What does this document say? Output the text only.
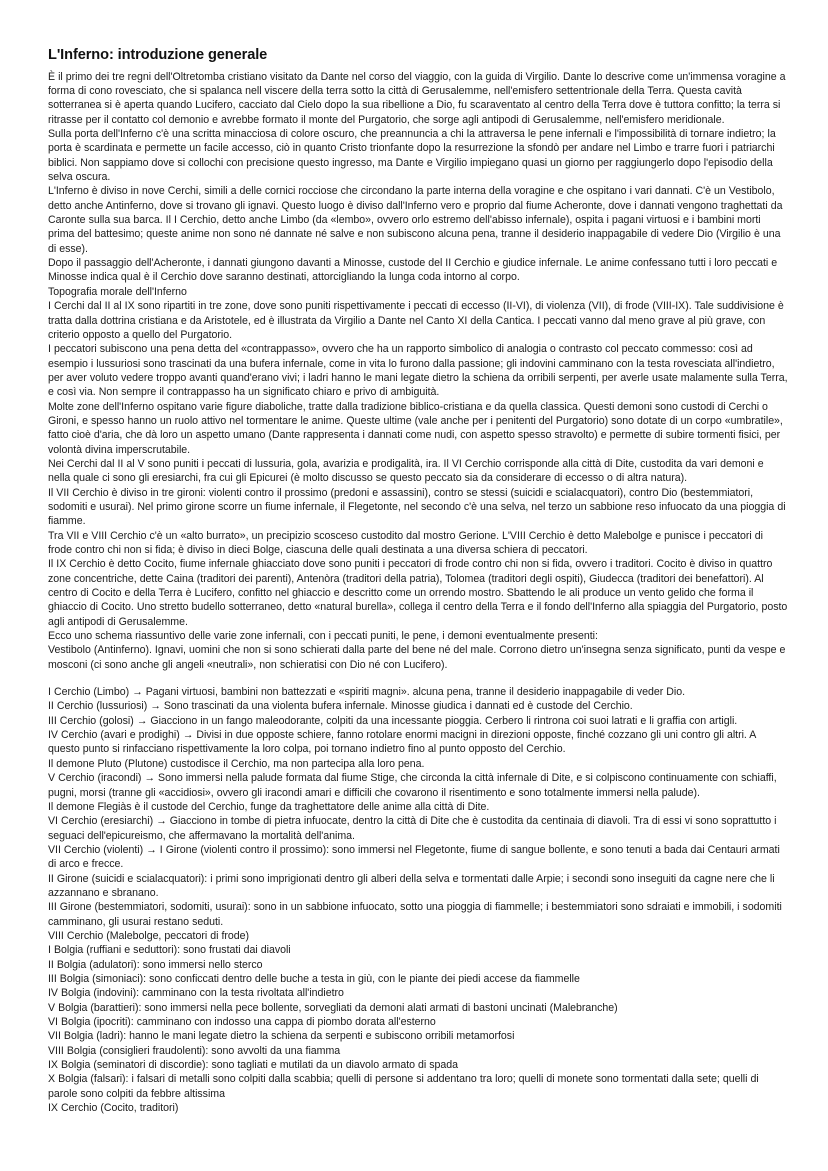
L'Inferno: introduzione generale

È il primo dei tre regni dell'Oltretomba cristiano visitato da Dante nel corso del viaggio, con la guida di Virgilio. Dante lo descrive come un'immensa voragine a forma di cono rovesciato, che si spalanca nell viscere della terra sotto la città di Gerusalemme, nell'emisfero settentrionale della Terra. Questa cavità sotterranea si è aperta quando Lucifero, cacciato dal Cielo dopo la sua ribellione a Dio, fu scaraventato al centro della Terra dove è tuttora confitto; la terra si ritrasse per il contatto col demonio e avrebbe formato il monte del Purgatorio, che sorge agli antipodi di Gerusalemme, nell'emisfero meridionale.

Sulla porta dell'Inferno c'è una scritta minacciosa di colore oscuro, che preannuncia a chi la attraversa le pene infernali e l'impossibilità di tornare indietro; la porta è scardinata e permette un facile accesso, ciò in quanto Cristo trionfante dopo la resurrezione la sfondò per andare nel Limbo e trarre fuori i patriarchi biblici. Non sappiamo dove si collochi con precisione questo ingresso, ma Dante e Virgilio impiegano quasi un giorno per raggiungerlo dopo l'episodio della selva oscura.

L'Inferno è diviso in nove Cerchi, simili a delle cornici rocciose che circondano la parte interna della voragine e che ospitano i vari dannati. C'è un Vestibolo, detto anche Antinferno, dove si trovano gli ignavi. Questo luogo è diviso dall'Inferno vero e proprio dal fiume Acheronte, dove i dannati vengono traghettati da Caronte sulla sua barca. Il I Cerchio, detto anche Limbo (da «lembo», ovvero orlo estremo dell'abisso infernale), ospita i pagani virtuosi e i bambini morti prima del battesimo; queste anime non sono né dannate né salve e non subiscono alcuna pena, tranne il desiderio inappagabile di vedere Dio (Virgilio è una di esse).

Dopo il passaggio dell'Acheronte, i dannati giungono davanti a Minosse, custode del II Cerchio e giudice infernale. Le anime confessano tutti i loro peccati e Minosse indica qual è il Cerchio dove saranno destinati, attorcigliando la lunga coda intorno al corpo.

Topografia morale dell'Inferno

I Cerchi dal II al IX sono ripartiti in tre zone, dove sono puniti rispettivamente i peccati di eccesso (II-VI), di violenza (VII), di frode (VIII-IX). Tale suddivisione è tratta dalla dottrina cristiana e da Aristotele, ed è illustrata da Virgilio a Dante nel Canto XI della Cantica. I peccati vanno dal meno grave al più grave, con criterio opposto a quello del Purgatorio.

I peccatori subiscono una pena detta del «contrappasso», ovvero che ha un rapporto simbolico di analogia o contrasto col peccato commesso: così ad esempio i lussuriosi sono trascinati da una bufera infernale, come in vita lo furono dalla passione; gli indovini camminano con la testa rovesciata all'indietro, per aver voluto vedere troppo avanti quand'erano vivi; i ladri hanno le mani legate dietro la schiena da orribili serpenti, per averle usate malamente sulla Terra, e così via. Non sempre il contrappasso ha un significato chiaro e privo di ambiguità.

Molte zone dell'Inferno ospitano varie figure diaboliche, tratte dalla tradizione biblico-cristiana e da quella classica. Questi demoni sono custodi di Cerchi o Gironi, e spesso hanno un ruolo attivo nel tormentare le anime. Queste ultime (vale anche per i penitenti del Purgatorio) sono dotate di un corpo «umbratile», fatto cioè d'aria, che dà loro un aspetto umano (Dante rappresenta i dannati come nudi, con aspetto spesso stravolto) e permette di subire tormenti fisici, per volontà divina imperscrutabile.

Nei Cerchi dal II al V sono puniti i peccati di lussuria, gola, avarizia e prodigalità, ira. Il VI Cerchio corrisponde alla città di Dite, custodita da vari demoni e nella quale ci sono gli eresiarchi, fra cui gli Epicurei (è molto discusso se questo peccato sia da considerare di eccesso o di altra natura).

Il VII Cerchio è diviso in tre gironi: violenti contro il prossimo (predoni e assassini), contro se stessi (suicidi e scialacquatori), contro Dio (bestemmiatori, sodomiti e usurai). Nel primo girone scorre un fiume infernale, il Flegetonte, nel secondo c'è una selva, nel terzo un sabbione reso infuocato da una pioggia di fiamme.

Tra VII e VIII Cerchio c'è un «alto burrato», un precipizio scosceso custodito dal mostro Gerione. L'VIII Cerchio è detto Malebolge e punisce i peccatori di frode contro chi non si fida; è diviso in dieci Bolge, ciascuna delle quali destinata a una diversa schiera di peccatori.

Il IX Cerchio è detto Cocito, fiume infernale ghiacciato dove sono puniti i peccatori di frode contro chi non si fida, ovvero i traditori. Cocito è diviso in quattro zone concentriche, dette Caina (traditori dei parenti), Antenòra (traditori della patria), Tolomea (traditori degli ospiti), Giudecca (traditori dei benefattori). Al centro di Cocito e della Terra è Lucifero, confitto nel ghiaccio e descritto come un orrendo mostro. Sbattendo le ali produce un vento gelido che forma il ghiaccio di Cocito. Uno stretto budello sotterraneo, detto «natural burella», collega il centro della Terra e il fondo dell'Inferno alla spiaggia del Purgatorio, posto agli antipodi di Gerusalemme.

Ecco uno schema riassuntivo delle varie zone infernali, con i peccati puniti, le pene, i demoni eventualmente presenti:

Vestibolo (Antinferno). Ignavi, uomini che non si sono schierati dalla parte del bene né del male. Corrono dietro un'insegna senza significato, punti da vespe e mosconi (ci sono anche gli angeli «neutrali», non schieratisi con Dio né con Lucifero).

I Cerchio (Limbo) → Pagani virtuosi, bambini non battezzati e «spiriti magni». alcuna pena, tranne il desiderio inappagabile di veder Dio.

II Cerchio (lussuriosi) → Sono trascinati da una violenta bufera infernale. Minosse giudica i dannati ed è custode del Cerchio.

III Cerchio (golosi) → Giacciono in un fango maleodorante, colpiti da una incessante pioggia. Cerbero li rintrona coi suoi latrati e li graffia con artigli.

IV Cerchio (avari e prodighi) → Divisi in due opposte schiere, fanno rotolare enormi macigni in direzioni opposte, finché cozzano gli uni contro gli altri. A questo punto si rinfacciano rispettivamente la loro colpa, poi tornano indietro fino al punto opposto del Cerchio.

Il demone Pluto (Plutone) custodisce il Cerchio, ma non partecipa alla loro pena.

V Cerchio (iracondi) → Sono immersi nella palude formata dal fiume Stige, che circonda la città infernale di Dite, e si colpiscono continuamente con schiaffi, pugni, morsi (tranne gli «accidiosi», ovvero gli iracondi amari e difficili che covarono il risentimento e sono totalmente immersi nella palude).

Il demone Flegiàs è il custode del Cerchio, funge da traghettatore delle anime alla città di Dite.

VI Cerchio (eresiarchi) → Giacciono in tombe di pietra infuocate, dentro la città di Dite che è custodita da centinaia di diavoli. Tra di essi vi sono soprattutto i seguaci dell'epicureismo, che affermavano la mortalità dell'anima.

VII Cerchio (violenti) → I Girone (violenti contro il prossimo): sono immersi nel Flegetonte, fiume di sangue bollente, e sono tenuti a bada dai Centauri armati di arco e frecce.

II Girone (suicidi e scialacquatori): i primi sono imprigionati dentro gli alberi della selva e tormentati dalle Arpie; i secondi sono inseguiti da cagne nere che li azzannano e sbranano.

III Girone (bestemmiatori, sodomiti, usurai): sono in un sabbione infuocato, sotto una pioggia di fiammelle; i bestemmiatori sono sdraiati e immobili, i sodomiti camminano, gli usurai restano seduti.

VIII Cerchio (Malebolge, peccatori di frode)

I Bolgia (ruffiani e seduttori): sono frustati dai diavoli

II Bolgia (adulatori): sono immersi nello sterco

III Bolgia (simoniaci): sono conficcati dentro delle buche a testa in giù, con le piante dei piedi accese da fiammelle

IV Bolgia (indovini): camminano con la testa rivoltata all'indietro

V Bolgia (barattieri): sono immersi nella pece bollente, sorvegliati da demoni alati armati di bastoni uncinati (Malebranche)

VI Bolgia (ipocriti): camminano con indosso una cappa di piombo dorata all'esterno

VII Bolgia (ladri): hanno le mani legate dietro la schiena da serpenti e subiscono orribili metamorfosi

VIII Bolgia (consiglieri fraudolenti): sono avvolti da una fiamma

IX Bolgia (seminatori di discordie): sono tagliati e mutilati da un diavolo armato di spada

X Bolgia (falsari): i falsari di metalli sono colpiti dalla scabbia; quelli di persone si addentano tra loro; quelli di monete sono tormentati dalla sete; quelli di parole sono colpiti da febbre altissima

IX Cerchio (Cocito, traditori)
